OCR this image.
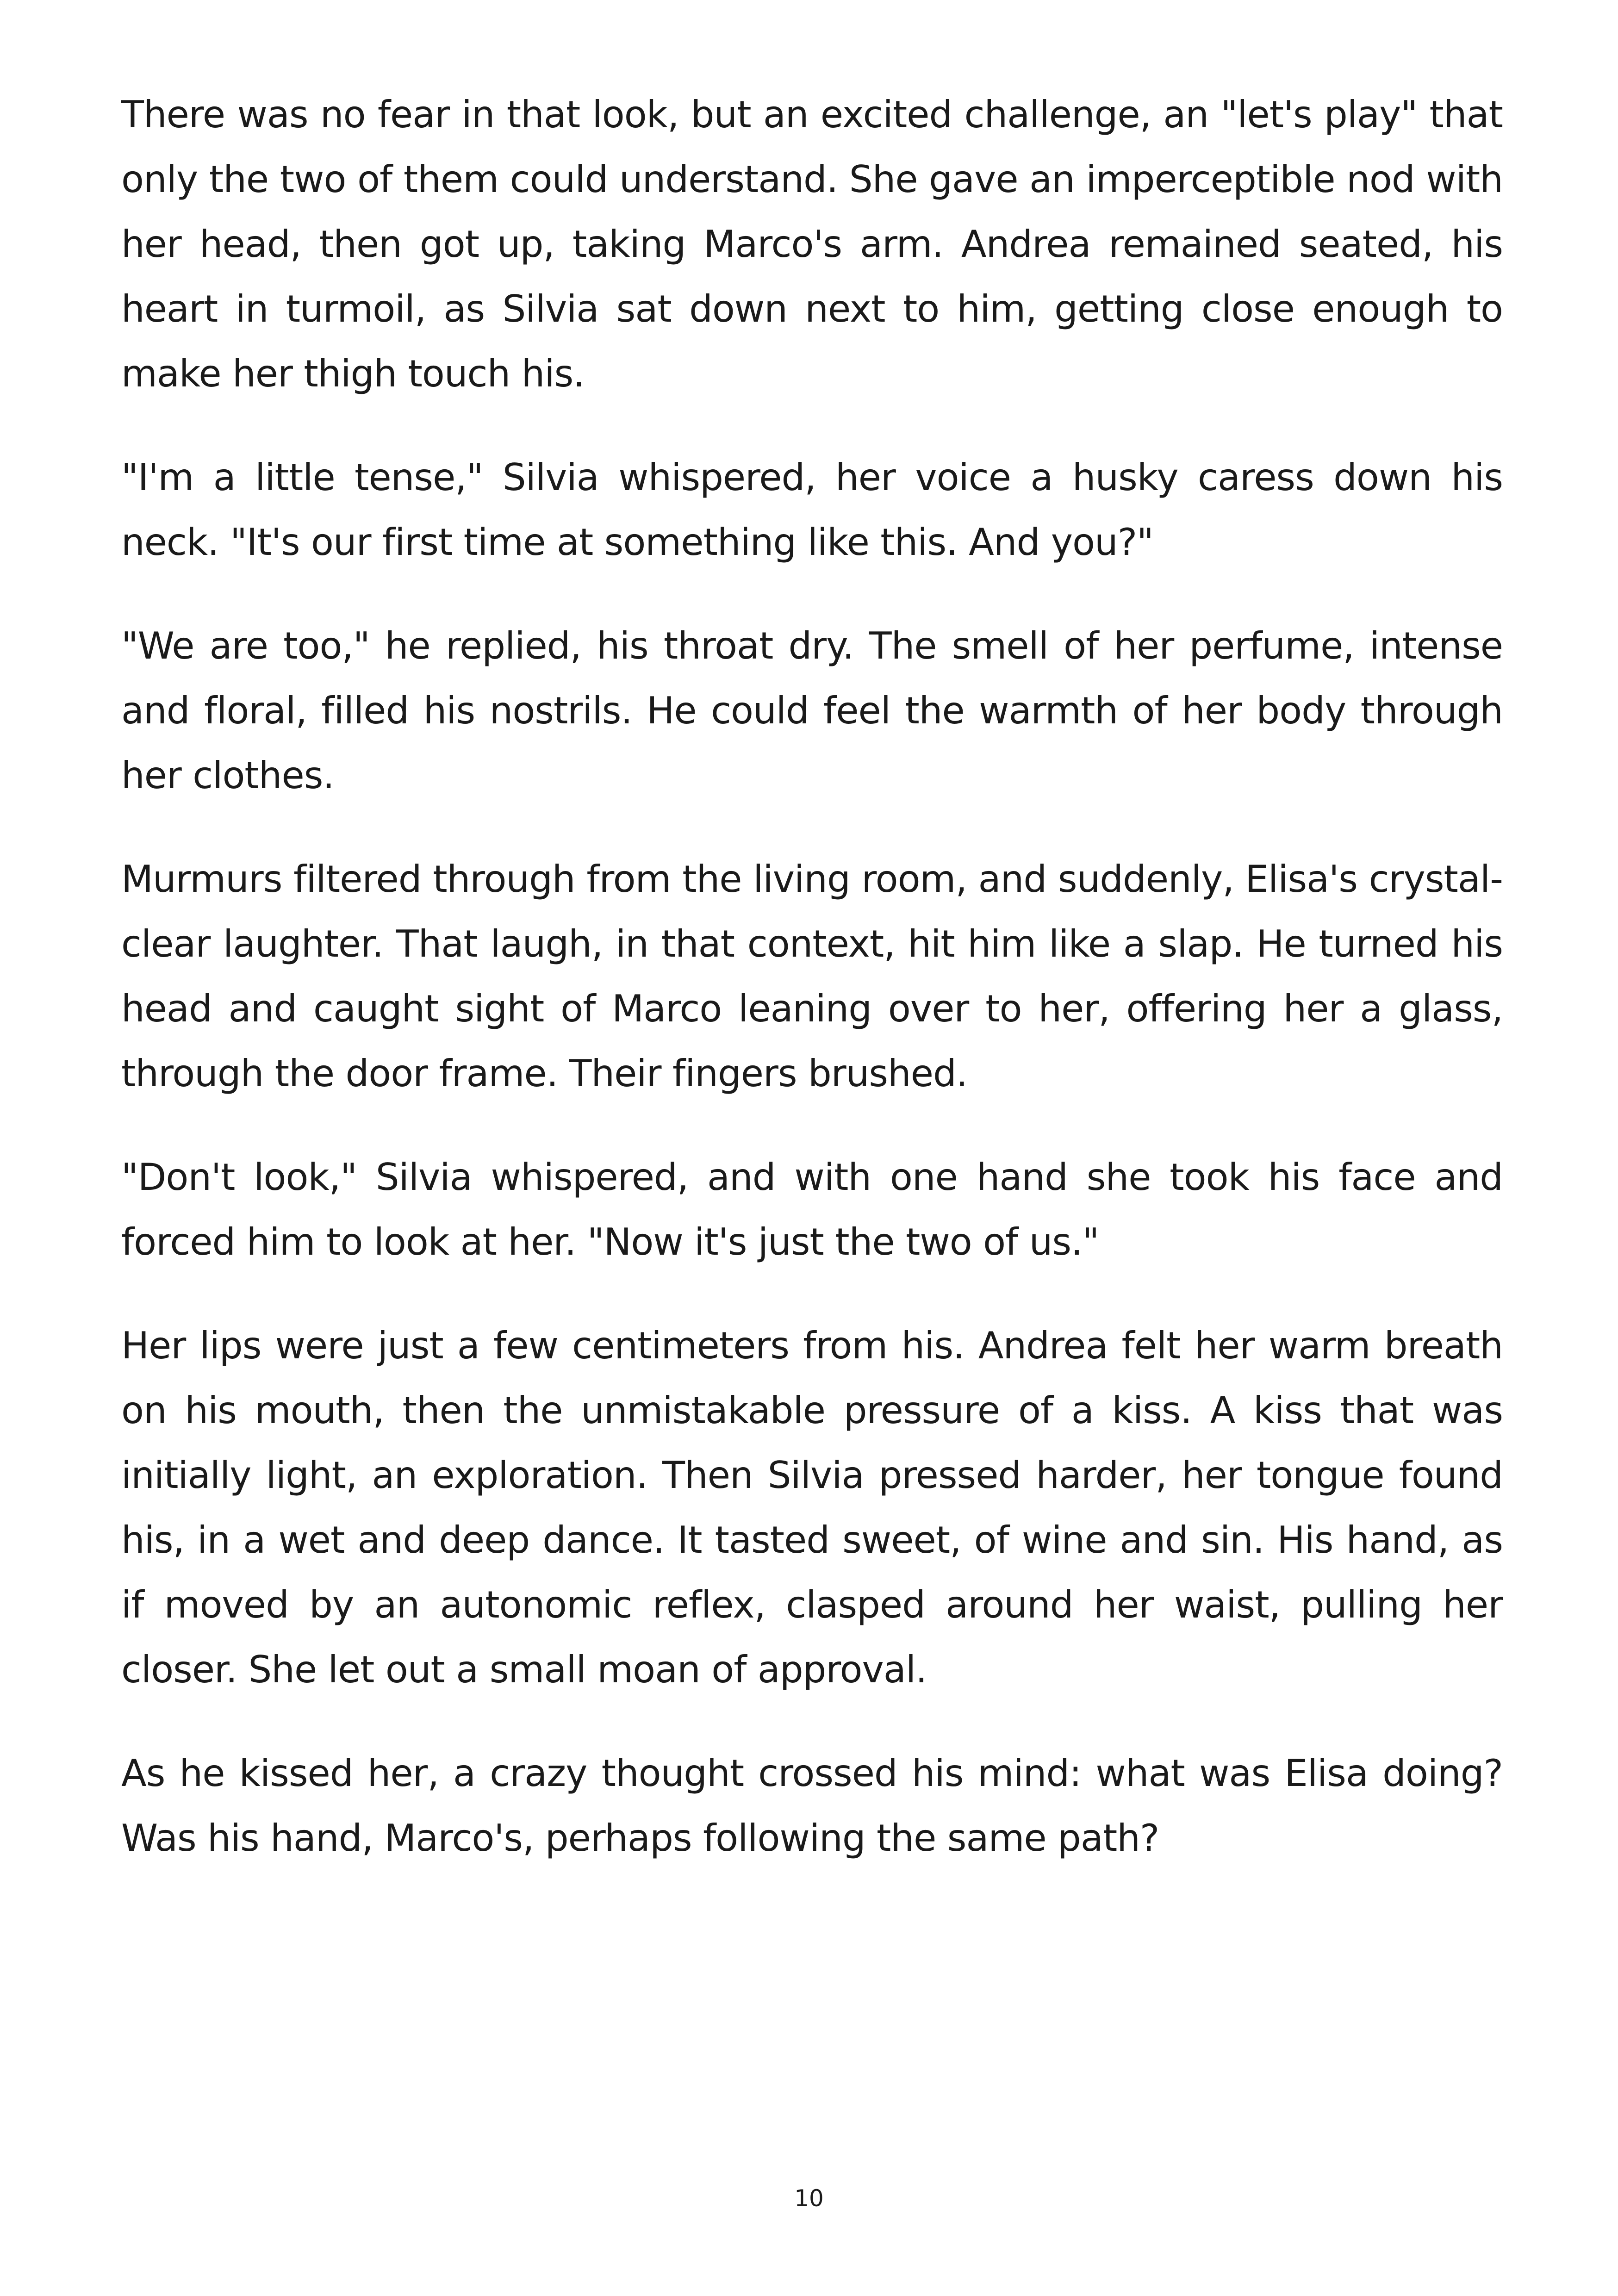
There was no fear in that look, but an excited challenge, an "let's play" that only the two of them could understand. She gave an imperceptible nod with her head, then got up, taking Marco's arm. Andrea remained seated, his heart in turmoil, as Silvia sat down next to him, getting close enough to make her thigh touch his.

"I'm a little tense," Silvia whispered, her voice a husky caress down his neck. "It's our first time at something like this. And you?"

"We are too," he replied, his throat dry. The smell of her perfume, intense and floral, filled his nostrils. He could feel the warmth of her body through her clothes.

Murmurs filtered through from the living room, and suddenly, Elisa's crystal-clear laughter. That laugh, in that context, hit him like a slap. He turned his head and caught sight of Marco leaning over to her, offering her a glass, through the door frame. Their fingers brushed.

"Don't look," Silvia whispered, and with one hand she took his face and forced him to look at her. "Now it's just the two of us."

Her lips were just a few centimeters from his. Andrea felt her warm breath on his mouth, then the unmistakable pressure of a kiss. A kiss that was initially light, an exploration. Then Silvia pressed harder, her tongue found his, in a wet and deep dance. It tasted sweet, of wine and sin. His hand, as if moved by an autonomic reflex, clasped around her waist, pulling her closer. She let out a small moan of approval.

As he kissed her, a crazy thought crossed his mind: what was Elisa doing? Was his hand, Marco's, perhaps following the same path?

10
